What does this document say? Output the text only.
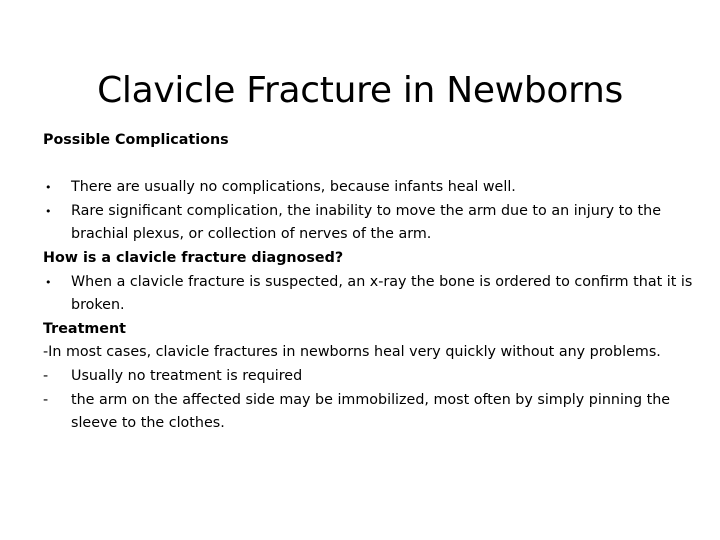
Clavicle Fracture in Newborns
Possible Complications
•	There are usually no complications, because infants heal well.
•	Rare significant complication, the inability to move the arm due to an injury to the brachial plexus, or collection of nerves of the arm.
How is a clavicle fracture diagnosed?
•	When a clavicle fracture is suspected, an x-ray the bone is ordered to confirm that it is broken.
Treatment
-In most cases, clavicle fractures in newborns heal very quickly without any problems.
-	Usually no treatment is required
-	the arm on the affected side may be immobilized, most often by simply pinning the sleeve to the clothes.
